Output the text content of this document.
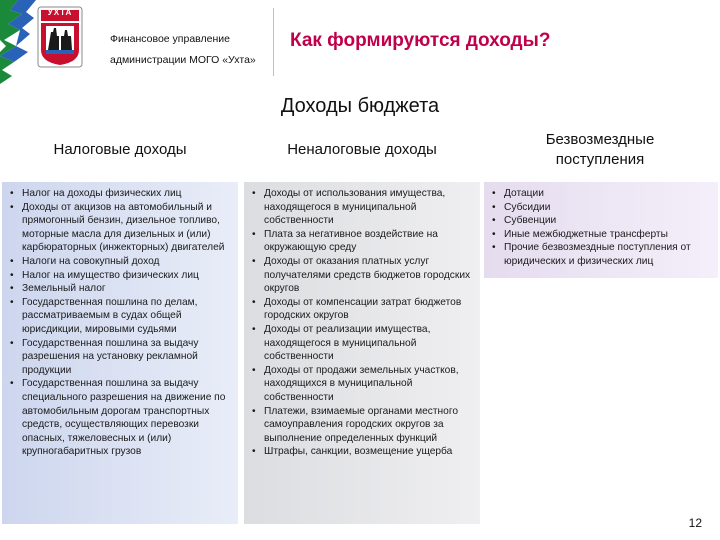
УХТА
Финансовое управление
администрации МОГО «Ухта»
Как формируются доходы?
Доходы бюджета
Налоговые доходы	Неналоговые доходы
Безвозмездные поступления
• Налог на доходы физических лиц
• Доходы от акцизов на автомобильный и прямогонный бензин, дизельное топливо, моторные масла для дизельных и (или) карбюраторных (инжекторных) двигателей
• Налоги на совокупный доход
• Налог на имущество физических лиц
• Земельный налог
• Государственная пошлина по делам, рассматриваемым в судах общей юрисдикции, мировыми судьями
• Государственная пошлина за выдачу разрешения на установку рекламной продукции
• Государственная пошлина за выдачу специального разрешения на движение по автомобильным дорогам транспортных средств, осуществляющих перевозки опасных, тяжеловесных и (или) крупногабаритных грузов
• Доходы от использования имущества, находящегося в муниципальной собственности
• Плата за негативное воздействие на окружающую среду
• Доходы от оказания платных услуг получателями средств бюджетов городских округов
• Доходы от компенсации затрат бюджетов городских округов
• Доходы от реализации имущества, находящегося в муниципальной собственности
• Доходы от продажи земельных участков, находящихся в муниципальной собственности
• Платежи, взимаемые органами местного самоуправления городских округов за выполнение определенных функций
• Штрафы, санкции, возмещение ущерба
• Дотации
• Субсидии
• Субвенции
• Иные межбюджетные трансферты
• Прочие безвозмездные поступления от юридических и физических лиц
12
